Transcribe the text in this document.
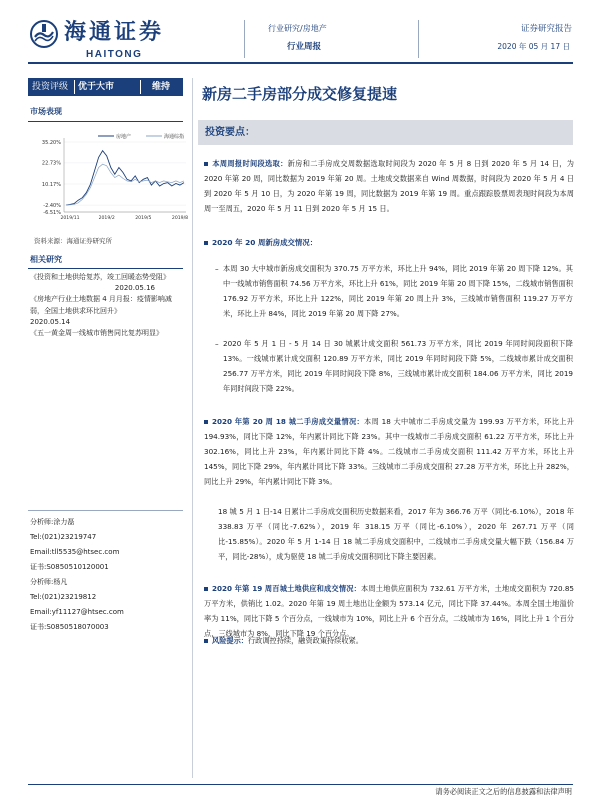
海通证券
HAITONG
行业研究/房地产
行业周报
证券研究报告
2020 年 05 月 17 日
投资评级 优于大市	维持
市场表现
35.20%
22.73%
10.17%
-2.40%
-6.51%
2019/11	2019/2	2019/5	2019/8
房地产	海通综指
资料来源：海通证券研究所
相关研究
《投资和土地供给复苏，竣工回暖态势受阻》
2020.05.16
《房地产行业土地数据 4 月月报：疫情影响减弱，全国土地供求环比回升》
2020.05.14
《五一黄金周一线城市销售同比复苏明显》
分析师:涂力磊
Tel:(021)23219747
Email:tll5535@htsec.com
证书:S0850510120001
分析师:杨凡
Tel:(021)23219812
Email:yf11127@htsec.com
证书:S0850518070003
新房二手房部分成交修复提速
投资要点：
本周周报时间段选取：新房和二手房成交周数据选取时间段为 2020 年 5 月 8 日到 2020 年 5 月 14 日，为 2020 年第 20 周，同比数据为 2019 年第 20 周。土地成交数据来自 Wind 周数据，时间段为 2020 年 5 月 4 日到 2020 年 5 月 10 日，为 2020 年第 19 周，同比数据为 2019 年第 19 周。重点跟踪股票周表现时间段为本周周一至周五，2020 年 5 月 11 日到 2020 年 5 月 15 日。
2020 年 20 周新房成交情况：
– 本周 30 大中城市新房成交面积为 370.75 万平方米，环比上升 94%，同比 2019 年第 20 周下降 12%。其中一线城市销售面积 74.56 万平方米，环比上升 61%，同比 2019 年第 20 周下降 15%，二线城市销售面积 176.92 万平方米，环比上升 122%，同比 2019 年第 20 周上升 3%，三线城市销售面积 119.27 万平方米，环比上升 84%，同比 2019 年第 20 周下降 27%。
– 2020 年 5 月 1 日 - 5 月 14 日 30 城累计成交面积 561.73 万平方米，同比 2019 年同时间段面积下降 13%。一线城市累计成交面积 120.89 万平方米，同比 2019 年同时间段下降 5%，二线城市累计成交面积 256.77 万平方米，同比 2019 年同时间段下降 8%，三线城市累计成交面积 184.06 万平方米，同比 2019 年同时间段下降 22%。
2020 年第 20 周 18 城二手房成交量情况：本周 18 大中城市二手房成交量为 199.93 万平方米，环比上升 194.93%，同比下降 12%，年内累计同比下降 23%。其中一线城市二手房成交面积 61.22 万平方米，环比上升 302.16%，同比上升 23%，年内累计同比下降 4%。二线城市二手房成交面积 111.42 万平方米，环比上升 145%，同比下降 29%，年内累计同比下降 33%。三线城市二手房成交面积 27.28 万平方米，环比上升 282%，同比上升 29%，年内累计同比下降 3%。
18 城 5 月 1 日-14 日累计二手房成交面积历史数据来看，2017 年为 366.76 万平（同比-6.10%），2018 年 338.83 万平（同比-7.62%），2019 年 318.15 万平（同比-6.10%），2020 年 267.71 万平（同比-15.85%）。2020 年 5 月 1-14 日 18 城二手房成交面积中，二线城市二手房成交量大幅下跌（156.84 万平，同比-28%），成为驱使 18 城二手房成交面积同比下降主要因素。
2020 年第 19 周百城土地供应和成交情况：本周土地供应面积为 732.61 万平方米，土地成交面积为 720.85 万平方米，供销比 1.02。2020 年第 19 周土地出让金额为 573.14 亿元，同比下降 37.44%。本周全国土地溢价率为 11%，同比下降 5 个百分点，一线城市为 10%，同比上升 6 个百分点，二线城市为 16%，同比上升 1 个百分点，三线城市为 8%，同比下降 19 个百分点。
风险提示：行政调控持续，融资政策持续收紧。
请务必阅读正文之后的信息披露和法律声明
